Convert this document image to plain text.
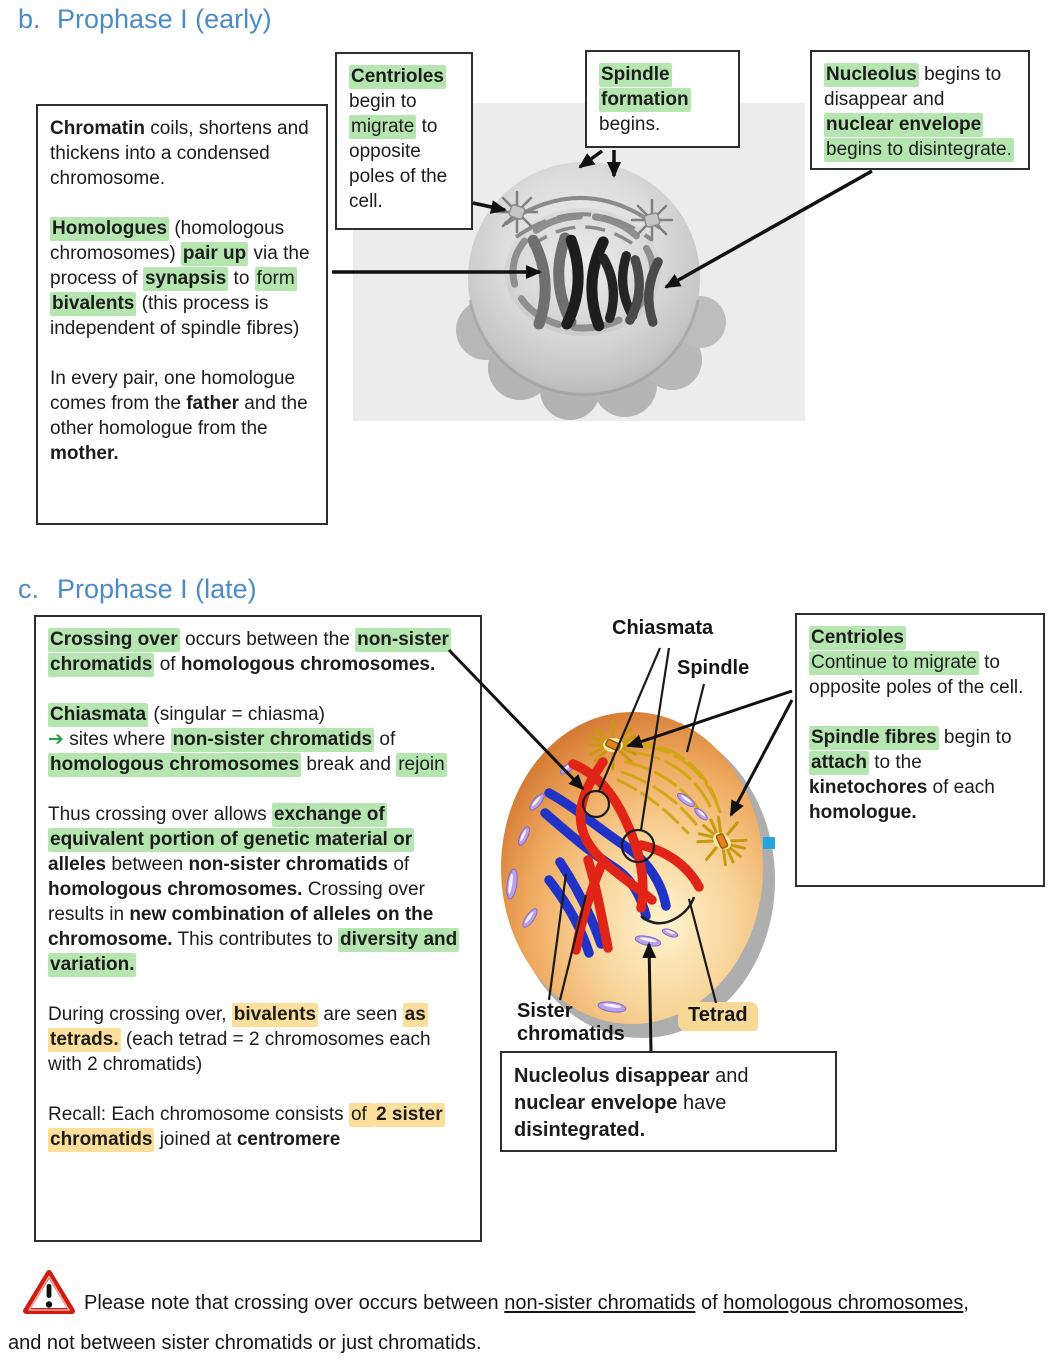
b. Prophase I (early)

Chromatin coils, shortens and thickens into a condensed chromosome.

Homologues (homologous chromosomes) pair up via the process of synapsis to form bivalents (this process is independent of spindle fibres)

In every pair, one homologue comes from the father and the other homologue from the mother.

Centrioles begin to migrate to opposite poles of the cell.

Spindle formation begins.

Nucleolus begins to disappear and nuclear envelope begins to disintegrate.

c. Prophase I (late)

Crossing over occurs between the non-sister chromatids of homologous chromosomes.

Chiasmata (singular = chiasma)

➔ sites where non-sister chromatids of homologous chromosomes break and rejoin

Thus crossing over allows exchange of equivalent portion of genetic material or alleles between non-sister chromatids of homologous chromosomes. Crossing over results in new combination of alleles on the chromosome. This contributes to diversity and variation.

During crossing over, bivalents are seen as tetrads. (each tetrad = 2 chromosomes each with 2 chromatids)

Recall: Each chromosome consists of 2 sister chromatids joined at centromere

Centrioles

Continue to migrate to opposite poles of the cell.

Spindle fibres begin to attach to the kinetochores of each homologue.

Chiasmata
Spindle
Sister chromatids
Tetrad

Nucleolus disappear and nuclear envelope have disintegrated.

Please note that crossing over occurs between non-sister chromatids of homologous chromosomes,
and not between sister chromatids or just chromatids.
